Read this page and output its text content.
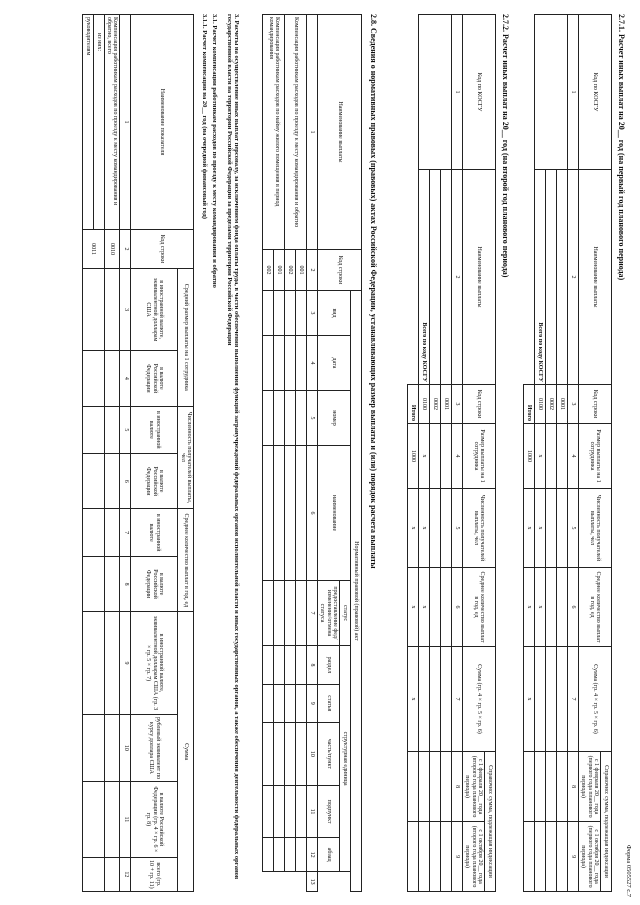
Форма 0505527 с.7
2.7.1. Расчет иных выплат на 20__ год (на первый год планового периода)
Код по КОСГУ	Наименование выплаты	Код строки	Размер выплаты на 1 сотрудника	Численность получателей выплаты, чел	Среднее количество выплат в год, ед	Сумма (гр. 4 × гр. 5 × гр. 6)	Справочно: сумма, подлежащая индексации	
							с 1 февраля 20__ года (первого года планового периода)	с 1 октября 20__ года (первого года планового периода)
1	2	3	4	5	6	7	8	9
		0001						
		0002						
	Всего по коду КОСГУ	0100	x	x	x			
		Итого	1000	x	x	x		
2.7.2. Расчет иных выплат на 20__ год (на второй год планового периода)
Код по КОСГУ	Наименование выплаты	Код строки	Размер выплаты на 1 сотрудника	Численность получателей выплаты, чел	Среднее количество выплат в год, ед	Сумма (гр. 4 × гр. 5 × гр. 6)	Справочно: сумма, подлежащая индексации	
							с 1 февраля 20__ года (второго года планового периода)	с 1 октября 20__ года (второго года планового периода)
1	2	3	4	5	6	7	8	9
		0001						
		0002						
	Всего по коду КОСГУ	0100	x	x	x			
		Итого	1000	x	x	x		
2.8. Сведения о нормативных правовых (правовых) актах Российской Федерации, устанавливающих размер выплаты и (или) порядок расчета выплаты
Наименование выплаты	Код строки	Нормативный правовой (правовой) акт										
		вид	дата	номер	наименование	статус	структурная единица					
						предоставление фед/изменение/отмена статуса	раздел	статья	часть/пункт	подпункт	абзац	
1	2	3	4	5	6	7	8	9	10	11	12	13
Компенсация работникам расходов по проезду к месту командирования и обратно	001											
	002											
Компенсация работникам расходов по найму жилого помещения в период командирования	001											
	002											
3. Расчеты на осуществление иных выплат персоналу, за исключением фонда оплаты труда, в части обеспечения выполнения функций загранучреждений федеральных органов исполнительной власти и иных государственных органов, а также обеспечения деятельности федеральных органов государственной власти на территории Российской Федерации за пределами территории Российской Федерации
3.1. Расчет компенсации работникам расходов по проезду к месту командирования и обратно
3.1.1. Расчет компенсации на 20__ год (на очередной финансовый год)
Наименование показателя	Код строки	Средний размер выплаты на 1 сотрудника		Численность получателей выплаты, чел		Среднее количество выплат в год, ед		Сумма			
		в иностранной валюте, эквивалентной долларам США	в валюте Российской Федерации	в иностранной валюте	в валюте Российской Федерации	в иностранной валюте	в валюте Российской Федерации	в иностранной валюте, эквивалентной долларам США (гр. 3 × гр. 5 × гр. 7)	рублевый эквивалент по курсу доллара США	в валюте Российской Федерации (гр. 4 × гр. 6 × гр. 8)	всего (гр. 10 + гр. 11)
1	2	3	4	5	6	7	8	9	10	11	12
Компенсация работникам расходов по проезду к месту командирования и обратно, всего	0010										
из них:	0011										
руководителям											
